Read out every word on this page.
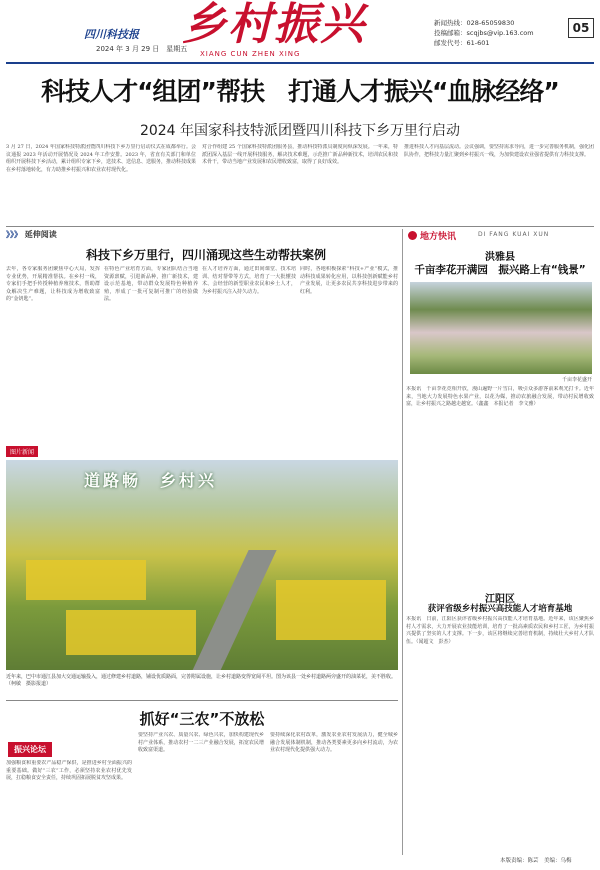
四川科技报 乡村振兴
XIANG CUN ZHEN XING
2024 年 3 月 29 日　星期五
新闻热线：028-65059830
投稿邮箱：scqjbs@vip.163.com
邮发代号：61-601
05
科技人才“组团”帮扶　打通人才振兴“血脉经络”
2024 年国家科技特派团暨四川科技下乡万里行启动
3 月 27 日，2024 年国家科技特派团暨四川科技下乡万里行启动仪式在成都举行。会议通报 2023 年活动开展情况及 2024 年工作安排。2023 年，省直有关部门和单位组织开展科技下乡活动，累计组织专家下乡，送技术、送信息、送服务，推动科技成果在乡村落地转化，有力助推乡村振兴和农业农村现代化。
对合作组建 25 个国家科技特派团服务县，推动科技特派员制度向纵深发展。一年来，特派团深入基层一线开展科技服务，解决技术难题，示范推广新品种新技术，培训农民和技术骨干，带动当地产业发展和农民增收致富，取得了良好成效。
推进科技人才向基层流动。会议强调，要坚持需求导向，进一步完善服务机制，强化团队协作，把科技力量汇聚到乡村振兴一线，为加快建设农业强省提供有力科技支撑。
》》》 延伸阅读
科技下乡万里行，四川涌现这些生动帮扶案例
去年，各专家服务团聚焦中心大局，发挥专业优势，开展精准帮扶。在乡村一线，专家们手把手传授种植养殖技术，帮助群众解决生产难题，让科技成为增收致富的“金钥匙”。
在特色产业培育方面，专家团队结合当地资源禀赋，引进新品种，推广新技术，建设示范基地，带动群众发展特色种植养殖，形成了一批可复制可推广的经验做法。
在人才培养方面，通过田间课堂、技术培训、结对帮带等方式，培育了一大批懂技术、会经营的新型职业农民和乡土人才，为乡村振兴注入持久动力。
同时，各地积极探索“科技+产业”模式，推动科技成果转化应用，以科技创新赋能乡村产业发展，让更多农民共享科技进步带来的红利。
图片新闻
道路畅　乡村兴
近年来，巴中市通江县加大交通运输投入，通过修建乡村道路，铺设优质路面，完善附属设施，让乡村道路变得宽阔平坦。图为该县一处乡村道路两旁盛开的油菜花，美不胜收。（柯敏　摄影报道）
抓好“三农”不放松
振兴论坛
加强粮食和重要农产品稳产保供，是推进乡村全面振兴的重要基础。做好“三农”工作，必须坚持农业农村优先发展，扛稳粮食安全责任，持续巩固拓展脱贫攻坚成果。
要坚持产业兴农、质量兴农、绿色兴农，加快构建现代乡村产业体系，推动农村一二三产业融合发展，拓宽农民增收致富渠道。
要持续深化农村改革，激发农业农村发展活力，健全城乡融合发展体制机制，推动各类要素更多向乡村流动，为农业农村现代化提供强大动力。
地方快讯	DI FANG KUAI XUN
洪雅县
千亩李花开满园　振兴路上有“钱景”
千亩李花盛开
本报讯　千亩李花竞相开放，漫山遍野一片雪白，吸引众多游客前来观光打卡。近年来，当地大力发展特色水果产业，以花为媒，推动农旅融合发展，带动村民增收致富，让乡村振兴之路越走越宽。（鑫鑫　本报记者　李文雅）
江阳区
获评省级乡村振兴高技能人才培育基地
本报讯　日前，江阳区获评省级乡村振兴高技能人才培育基地。近年来，该区聚焦乡村人才需求，大力开展农业技能培训，培育了一批高素质农民和乡村工匠，为乡村振兴提供了坚实的人才支撑。下一步，该区将继续完善培育机制，持续壮大乡村人才队伍。（闻超文　彭杰）
本版责编：陈芸　美编：乌梅
